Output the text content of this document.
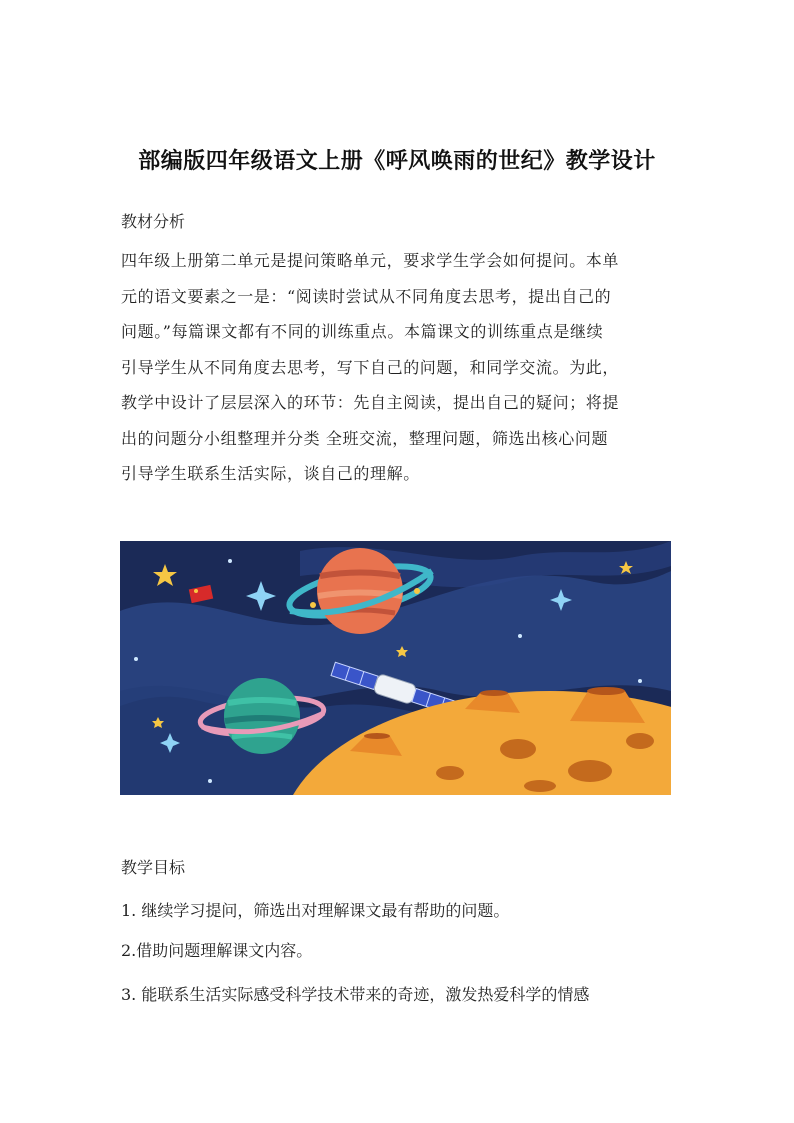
部编版四年级语文上册《呼风唤雨的世纪》教学设计
教材分析
四年级上册第二单元是提问策略单元，要求学生学会如何提问。本单
元的语文要素之一是：“阅读时尝试从不同角度去思考，提出自己的
问题。”每篇课文都有不同的训练重点。本篇课文的训练重点是继续
引导学生从不同角度去思考，写下自己的问题，和同学交流。为此，
教学中设计了层层深入的环节：先自主阅读，提出自己的疑问；将提
出的问题分小组整理并分类 全班交流，整理问题，筛选出核心问题
引导学生联系生活实际，谈自己的理解。
教学目标
1. 继续学习提问，筛选出对理解课文最有帮助的问题。
2.借助问题理解课文内容。
3. 能联系生活实际感受科学技术带来的奇迹，激发热爱科学的情感
